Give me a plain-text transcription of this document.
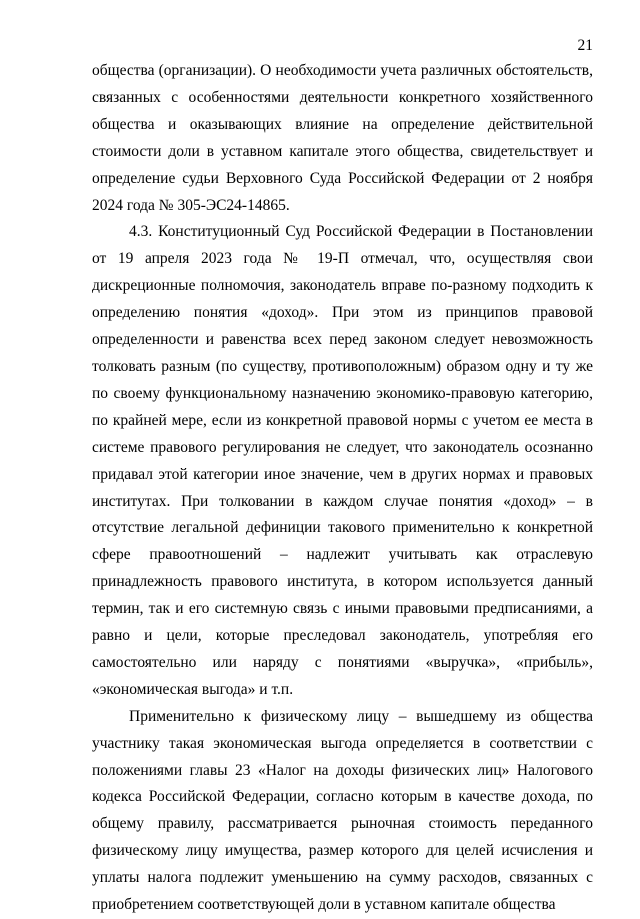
21

общества (организации). О необходимости учета различных обстоятельств, связанных с особенностями деятельности конкретного хозяйственного общества и оказывающих влияние на определение действительной стоимости доли в уставном капитале этого общества, свидетельствует и определение судьи Верховного Суда Российской Федерации от 2 ноября 2024 года № 305-ЭС24-14865.

4.3. Конституционный Суд Российской Федерации в Постановлении от 19 апреля 2023 года № 19-П отмечал, что, осуществляя свои дискреционные полномочия, законодатель вправе по-разному подходить к определению понятия «доход». При этом из принципов правовой определенности и равенства всех перед законом следует невозможность толковать разным (по существу, противоположным) образом одну и ту же по своему функциональному назначению экономико-правовую категорию, по крайней мере, если из конкретной правовой нормы с учетом ее места в системе правового регулирования не следует, что законодатель осознанно придавал этой категории иное значение, чем в других нормах и правовых институтах. При толковании в каждом случае понятия «доход» – в отсутствие легальной дефиниции такового применительно к конкретной сфере правоотношений – надлежит учитывать как отраслевую принадлежность правового института, в котором используется данный термин, так и его системную связь с иными правовыми предписаниями, а равно и цели, которые преследовал законодатель, употребляя его самостоятельно или наряду с понятиями «выручка», «прибыль», «экономическая выгода» и т.п.

Применительно к физическому лицу – вышедшему из общества участнику такая экономическая выгода определяется в соответствии с положениями главы 23 «Налог на доходы физических лиц» Налогового кодекса Российской Федерации, согласно которым в качестве дохода, по общему правилу, рассматривается рыночная стоимость переданного физическому лицу имущества, размер которого для целей исчисления и уплаты налога подлежит уменьшению на сумму расходов, связанных с приобретением соответствующей доли в уставном капитале общества
